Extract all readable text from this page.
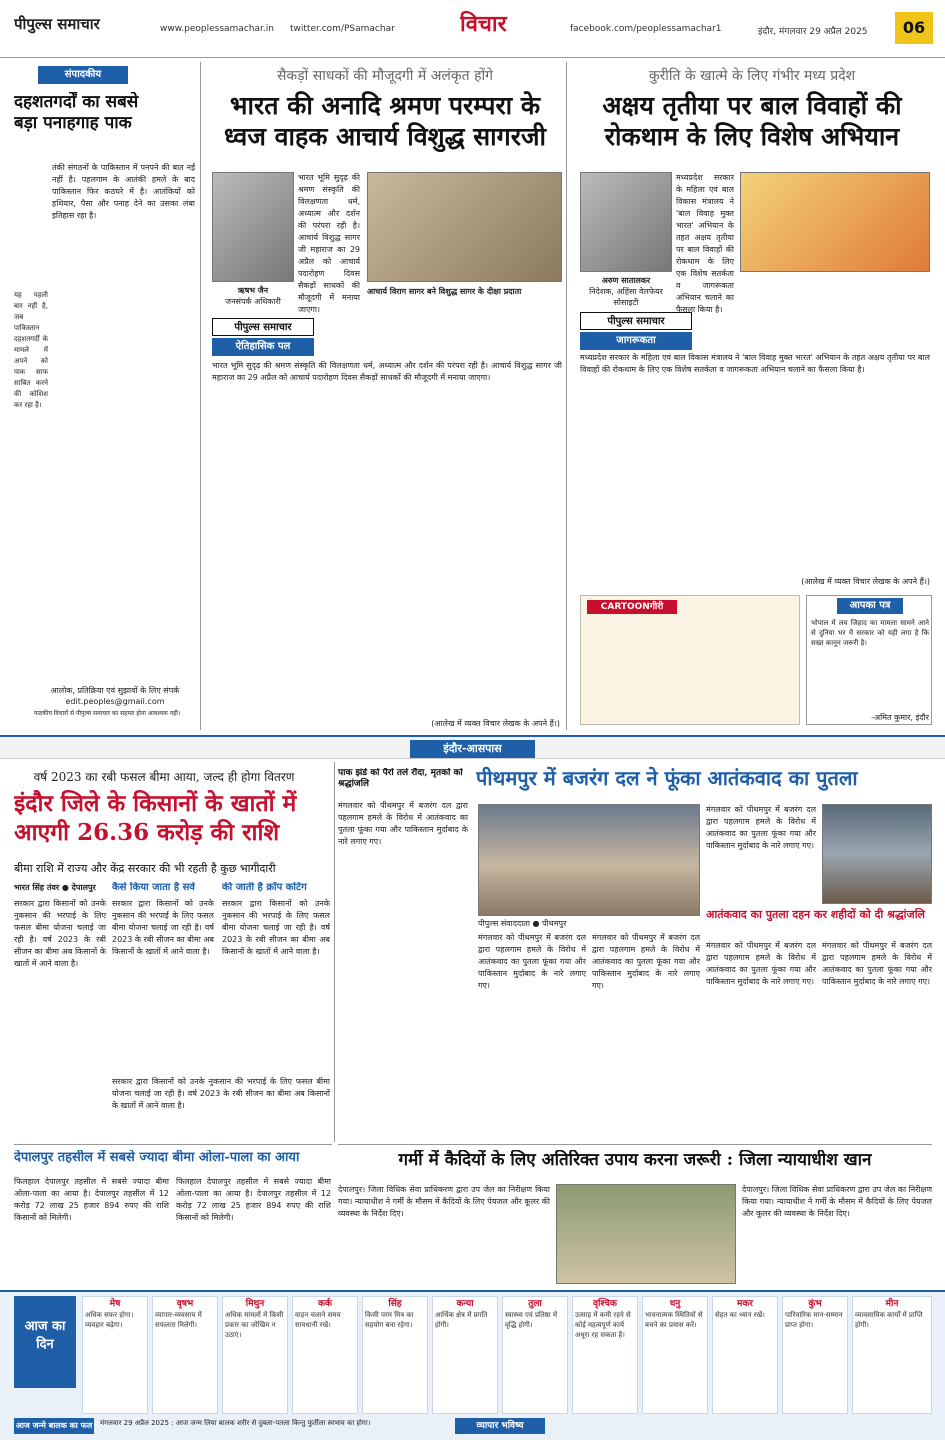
पीपुल्स समाचार	www.peoplessamachar.in	twitter.com/PSamachar	विचार	facebook.com/peoplessamachar1	इंदौर, मंगलवार 29 अप्रैल 2025	06
संपादकीय
दहशतगर्दों का सबसे बड़ा पनाहगाह पाक
तंकी संगठनों के पाकिस्तान में पनपने की बात नई नहीं है। पहलगाम के आतंकी हमले के बाद पाकिस्तान फिर कठघरे में है। आतंकियों को हथियार, पैसा और पनाह देने का उसका लंबा इतिहास रहा है।
यह पहली बार नहीं है, जब पाकिस्तान दहशतगर्दी के मामले में अपने को पाक साफ साबित करने की कोशिश कर रहा है।
आलोक, प्रतिक्रिया एवं सुझावों के लिए संपर्क
edit.peoples@gmail.com
पाठकीय विचारों से पीपुल्स समाचार का सहमत होना आवश्यक नहीं।
सैकड़ों साधकों की मौजूदगी में अलंकृत होंगे
भारत की अनादि श्रमण परम्परा के ध्वज वाहक आचार्य विशुद्ध सागरजी
ऋषभ जैन
जनसंपर्क अधिकारी
पीपुल्स समाचार
ऐतिहासिक पल
भारत भूमि सुदृढ़ की श्रमण संस्कृति की विलक्षणता धर्म, अध्यात्म और दर्शन की परंपरा रही है। आचार्य विशुद्ध सागर जी महाराज का 29 अप्रैल को आचार्य पदारोहण दिवस सैकड़ों साधकों की मौजूदगी में मनाया जाएगा।
आचार्य विराग सागर बने विशुद्ध सागर के दीक्षा प्रदाता
भारत भूमि सुदृढ़ की श्रमण संस्कृति की विलक्षणता धर्म, अध्यात्म और दर्शन की परंपरा रही है। आचार्य विशुद्ध सागर जी महाराज का 29 अप्रैल को आचार्य पदारोहण दिवस सैकड़ों साधकों की मौजूदगी में मनाया जाएगा।
(आलेख में व्यक्त विचार लेखक के अपने हैं।)
कुरीति के खात्मे के लिए गंभीर मध्य प्रदेश
अक्षय तृतीया पर बाल विवाहों की रोकथाम के लिए विशेष अभियान
अरुण सातालकर
निदेशक, अहिंसा वेलफेयर सोसाइटी
पीपुल्स समाचार
जागरूकता
मध्यप्रदेश सरकार के महिला एवं बाल विकास मंत्रालय ने 'बाल विवाह मुक्त भारत' अभियान के तहत अक्षय तृतीया पर बाल विवाहों की रोकथाम के लिए एक विशेष सतर्कता व जागरूकता अभियान चलाने का फैसला किया है।
मध्यप्रदेश सरकार के महिला एवं बाल विकास मंत्रालय ने 'बाल विवाह मुक्त भारत' अभियान के तहत अक्षय तृतीया पर बाल विवाहों की रोकथाम के लिए एक विशेष सतर्कता व जागरूकता अभियान चलाने का फैसला किया है।
(आलेख में व्यक्त विचार लेखक के अपने हैं।)
CARTOONगीरी	आपका पत्र
भोपाल में लव जिहाद का मामला सामने आने से दुनिया भर में सरकार को यही लगा है कि सख्त कानून जरूरी है।
-अमित कुमार, इंदौर
इंदौर-आसपास
वर्ष 2023 का रबी फसल बीमा आया, जल्द ही होगा वितरण
इंदौर जिले के किसानों के खातों में आएगी 26.36 करोड़ की राशि
बीमा राशि में राज्य और केंद्र सरकार की भी रहती है कुछ भागीदारी
भारत सिंह तंवर ● देपालपुर
सरकार द्वारा किसानों को उनके नुकसान की भरपाई के लिए फसल बीमा योजना चलाई जा रही है। वर्ष 2023 के रबी सीजन का बीमा अब किसानों के खातों में आने वाला है।
कैसे किया जाता है सर्वे	की जाती है क्रॉप कटिंग
सरकार द्वारा किसानों को उनके नुकसान की भरपाई के लिए फसल बीमा योजना चलाई जा रही है। वर्ष 2023 के रबी सीजन का बीमा अब किसानों के खातों में आने वाला है।
सरकार द्वारा किसानों को उनके नुकसान की भरपाई के लिए फसल बीमा योजना चलाई जा रही है। वर्ष 2023 के रबी सीजन का बीमा अब किसानों के खातों में आने वाला है।
सरकार द्वारा किसानों को उनके नुकसान की भरपाई के लिए फसल बीमा योजना चलाई जा रही है। वर्ष 2023 के रबी सीजन का बीमा अब किसानों के खातों में आने वाला है।
पाक झंडे को पैरों तले रौंदा, मृतकों को श्रद्धांजलि
मंगलवार को पीथमपुर में बजरंग दल द्वारा पहलगाम हमले के विरोध में आतंकवाद का पुतला फूंका गया और पाकिस्तान मुर्दाबाद के नारे लगाए गए।
पीथमपुर में बजरंग दल ने फूंका आतंकवाद का पुतला
पीपुल्स संवाददाता ● पीथमपुर
मंगलवार को पीथमपुर में बजरंग दल द्वारा पहलगाम हमले के विरोध में आतंकवाद का पुतला फूंका गया और पाकिस्तान मुर्दाबाद के नारे लगाए गए।
मंगलवार को पीथमपुर में बजरंग दल द्वारा पहलगाम हमले के विरोध में आतंकवाद का पुतला फूंका गया और पाकिस्तान मुर्दाबाद के नारे लगाए गए।
मंगलवार को पीथमपुर में बजरंग दल द्वारा पहलगाम हमले के विरोध में आतंकवाद का पुतला फूंका गया और पाकिस्तान मुर्दाबाद के नारे लगाए गए।
आतंकवाद का पुतला दहन कर शहीदों को दी श्रद्धांजलि
मंगलवार को पीथमपुर में बजरंग दल द्वारा पहलगाम हमले के विरोध में आतंकवाद का पुतला फूंका गया और पाकिस्तान मुर्दाबाद के नारे लगाए गए।
मंगलवार को पीथमपुर में बजरंग दल द्वारा पहलगाम हमले के विरोध में आतंकवाद का पुतला फूंका गया और पाकिस्तान मुर्दाबाद के नारे लगाए गए।
गर्मी में कैदियों के लिए अतिरिक्त उपाय करना जरूरी : जिला न्यायाधीश खान
देपालपुर। जिला विधिक सेवा प्राधिकरण द्वारा उप जेल का निरीक्षण किया गया। न्यायाधीश ने गर्मी के मौसम में कैदियों के लिए पेयजल और कूलर की व्यवस्था के निर्देश दिए।
देपालपुर। जिला विधिक सेवा प्राधिकरण द्वारा उप जेल का निरीक्षण किया गया। न्यायाधीश ने गर्मी के मौसम में कैदियों के लिए पेयजल और कूलर की व्यवस्था के निर्देश दिए।
देपालपुर तहसील में सबसे ज्यादा बीमा ओला-पाला का आया
फिलहाल देपालपुर तहसील में सबसे ज्यादा बीमा ओला-पाला का आया है। देपालपुर तहसील में 12 करोड़ 72 लाख 25 हजार 894 रुपए की राशि किसानों को मिलेगी।
फिलहाल देपालपुर तहसील में सबसे ज्यादा बीमा ओला-पाला का आया है। देपालपुर तहसील में 12 करोड़ 72 लाख 25 हजार 894 रुपए की राशि किसानों को मिलेगी।
आज का दिन
मेष
अधिक सफर होगा। व्यवहार बढ़ेगा।
वृषभ
व्यापार-व्यवसाय में सफलता मिलेगी।
मिथुन
अधिक मामलों में किसी प्रकार का जोखिम न उठाएं।
कर्क
वाहन चलाने समय सावधानी रखें।
सिंह
किसी परम मित्र का सहयोग बना रहेगा।
कन्या
आर्थिक क्षेत्र में प्रगति होगी।
तुला
स्वास्थ्य एवं प्रतिष्ठा में वृद्धि होगी।
वृश्चिक
उत्साह में कमी रहने से कोई महत्वपूर्ण कार्य अधूरा रह सकता है।
धनु
भावनात्मक स्थितियों से बचने का प्रयास करें।
मकर
सेहत का ध्यान रखें।
कुंभ
पारिवारिक मान-सम्मान प्राप्त होगा।
मीन
व्यावसायिक कार्यों में प्राप्ति होगी।
आज जन्मे बालक का फल मंगलवार 29 अप्रैल 2025 : आज जन्म लिया बालक शरीर से दुबला-पतला किन्तु फुर्तीला स्वभाव का होगा।	व्यापार भविष्य
